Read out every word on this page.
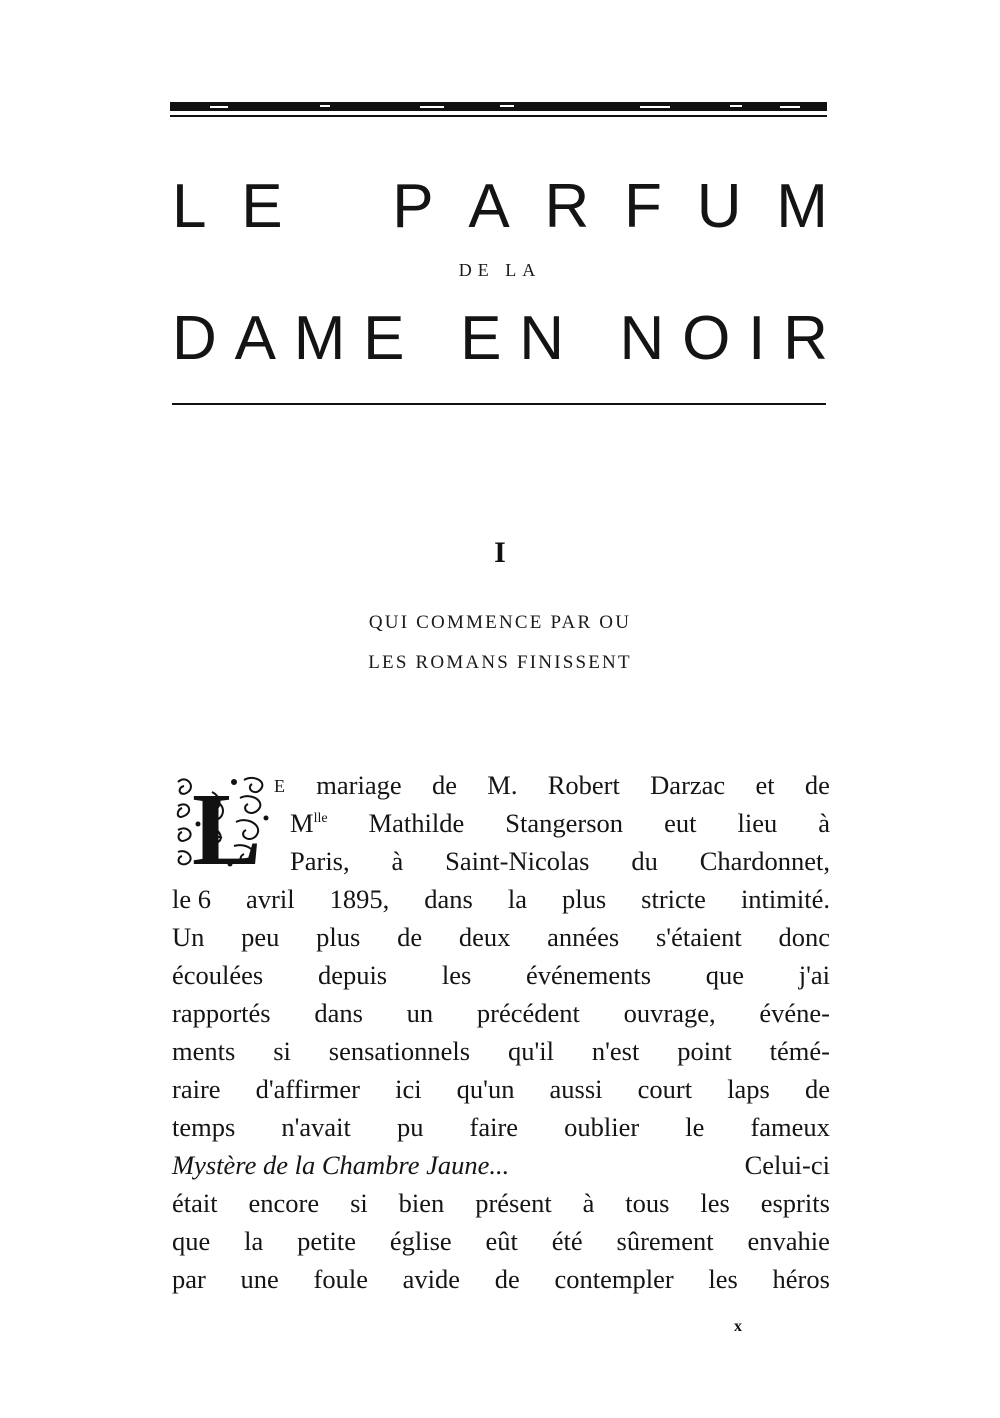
L E P A R F U M
DE LA
D A M E E N N O I R
I
QUI COMMENCE PAR OU
LES ROMANS FINISSENT
L E mariage de M. Robert Darzac et de
$M^{lle}$ Mathilde Stangerson eut lieu à
Paris, à Saint-Nicolas du Chardonnet,
le 6 avril 1895, dans la plus stricte intimité.
Un peu plus de deux années s'étaient donc
écoulées depuis les événements que j'ai
rapportés dans un précédent ouvrage, événe-
ments si sensationnels qu'il n'est point témé-
raire d'affirmer ici qu'un aussi court laps de
temps n'avait pu faire oublier le fameux
Mystère de la Chambre Jaune...	Celui-ci
était encore si bien présent à tous les esprits
que la petite église eût été sûrement envahie
par une foule avide de contempler les héros
x
